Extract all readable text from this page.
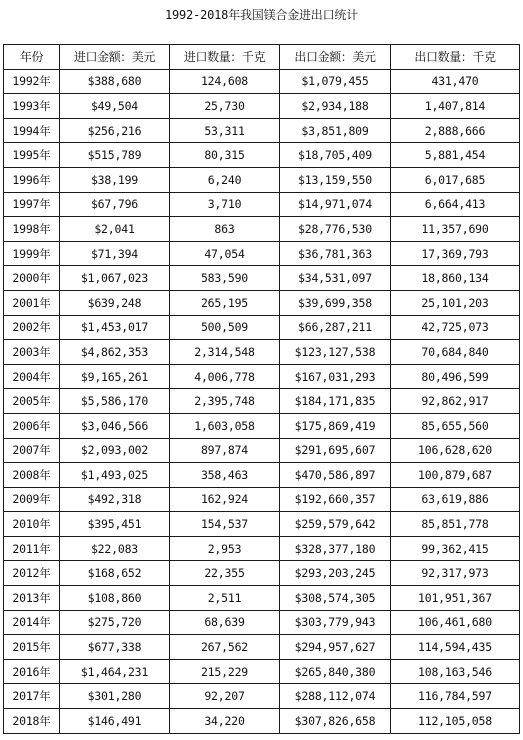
1992-2018年我国镁合金进出口统计
年份	进口金额：美元	进口数量：千克	出口金额：美元	出口数量：千克
1992年	$388,680	124,608	$1,079,455	431,470
1993年	$49,504	25,730	$2,934,188	1,407,814
1994年	$256,216	53,311	$3,851,809	2,888,666
1995年	$515,789	80,315	$18,705,409	5,881,454
1996年	$38,199	6,240	$13,159,550	6,017,685
1997年	$67,796	3,710	$14,971,074	6,664,413
1998年	$2,041	863	$28,776,530	11,357,690
1999年	$71,394	47,054	$36,781,363	17,369,793
2000年	$1,067,023	583,590	$34,531,097	18,860,134
2001年	$639,248	265,195	$39,699,358	25,101,203
2002年	$1,453,017	500,509	$66,287,211	42,725,073
2003年	$4,862,353	2,314,548	$123,127,538	70,684,840
2004年	$9,165,261	4,006,778	$167,031,293	80,496,599
2005年	$5,586,170	2,395,748	$184,171,835	92,862,917
2006年	$3,046,566	1,603,058	$175,869,419	85,655,560
2007年	$2,093,002	897,874	$291,695,607	106,628,620
2008年	$1,493,025	358,463	$470,586,897	100,879,687
2009年	$492,318	162,924	$192,660,357	63,619,886
2010年	$395,451	154,537	$259,579,642	85,851,778
2011年	$22,083	2,953	$328,377,180	99,362,415
2012年	$168,652	22,355	$293,203,245	92,317,973
2013年	$108,860	2,511	$308,574,305	101,951,367
2014年	$275,720	68,639	$303,779,943	106,461,680
2015年	$677,338	267,562	$294,957,627	114,594,435
2016年	$1,464,231	215,229	$265,840,380	108,163,546
2017年	$301,280	92,207	$288,112,074	116,784,597
2018年	$146,491	34,220	$307,826,658	112,105,058
